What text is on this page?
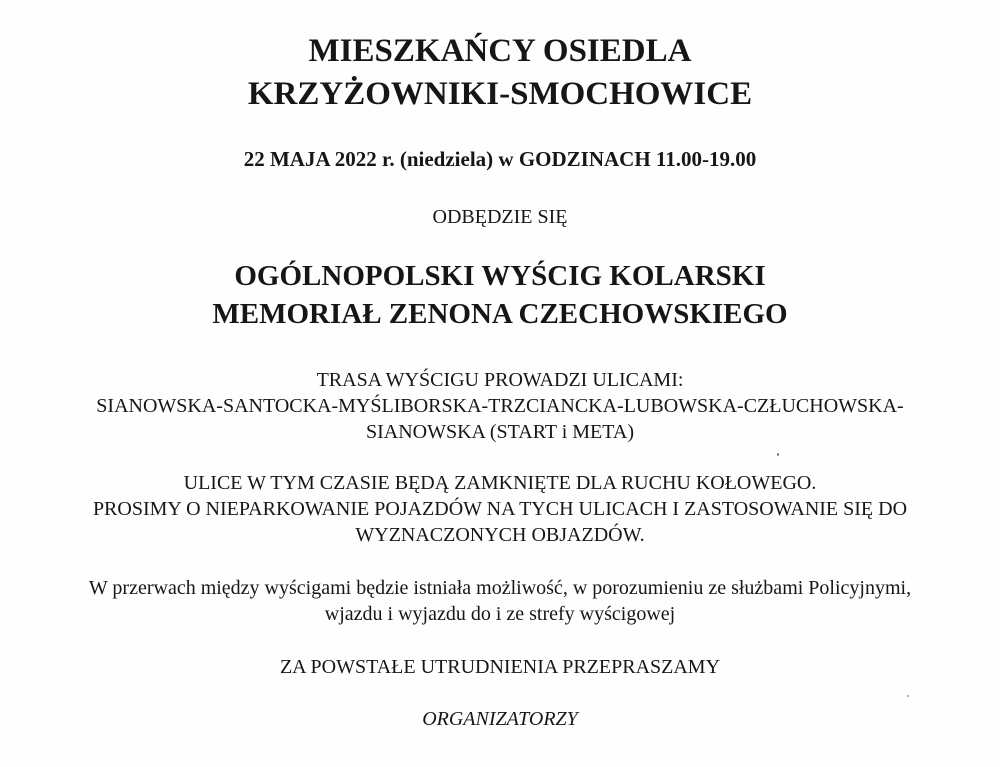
MIESZKAŃCY OSIEDLA
KRZYŻOWNIKI-SMOCHOWICE
22 MAJA 2022 r. (niedziela) w GODZINACH 11.00-19.00
ODBĘDZIE SIĘ
OGÓLNOPOLSKI WYŚCIG KOLARSKI
MEMORIAŁ ZENONA CZECHOWSKIEGO
TRASA WYŚCIGU PROWADZI ULICAMI:
SIANOWSKA-SANTOCKA-MYŚLIBORSKA-TRZCIANCKA-LUBOWSKA-CZŁUCHOWSKA-
SIANOWSKA (START i META)
ULICE W TYM CZASIE BĘDĄ ZAMKNIĘTE DLA RUCHU KOŁOWEGO.
PROSIMY O NIEPARKOWANIE POJAZDÓW NA TYCH ULICACH I ZASTOSOWANIE SIĘ DO
WYZNACZONYCH OBJAZDÓW.
W przerwach między wyścigami będzie istniała możliwość, w porozumieniu ze służbami Policyjnymi,
wjazdu i wyjazdu do i ze strefy wyścigowej
ZA POWSTAŁE UTRUDNIENIA PRZEPRASZAMY
ORGANIZATORZY
